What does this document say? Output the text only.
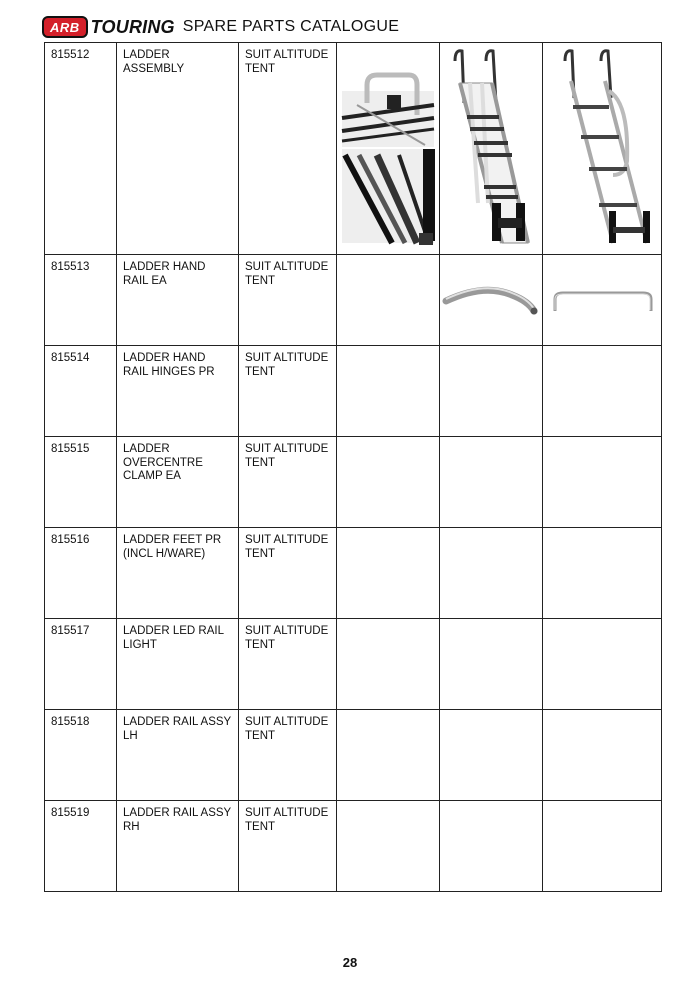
ARB TOURING SPARE PARTS CATALOGUE
815512	LADDER ASSEMBLY	SUIT ALTITUDE TENT	

815513	LADDER HAND RAIL EA	SUIT ALTITUDE TENT		

815514	LADDER HAND RAIL HINGES PR	SUIT ALTITUDE TENT			
815515	LADDER OVERCENTRE CLAMP EA	SUIT ALTITUDE TENT			
815516	LADDER FEET PR (INCL H/WARE)	SUIT ALTITUDE TENT			
815517	LADDER LED RAIL LIGHT	SUIT ALTITUDE TENT			
815518	LADDER RAIL ASSY LH	SUIT ALTITUDE TENT			
815519	LADDER RAIL ASSY RH	SUIT ALTITUDE TENT			
28
